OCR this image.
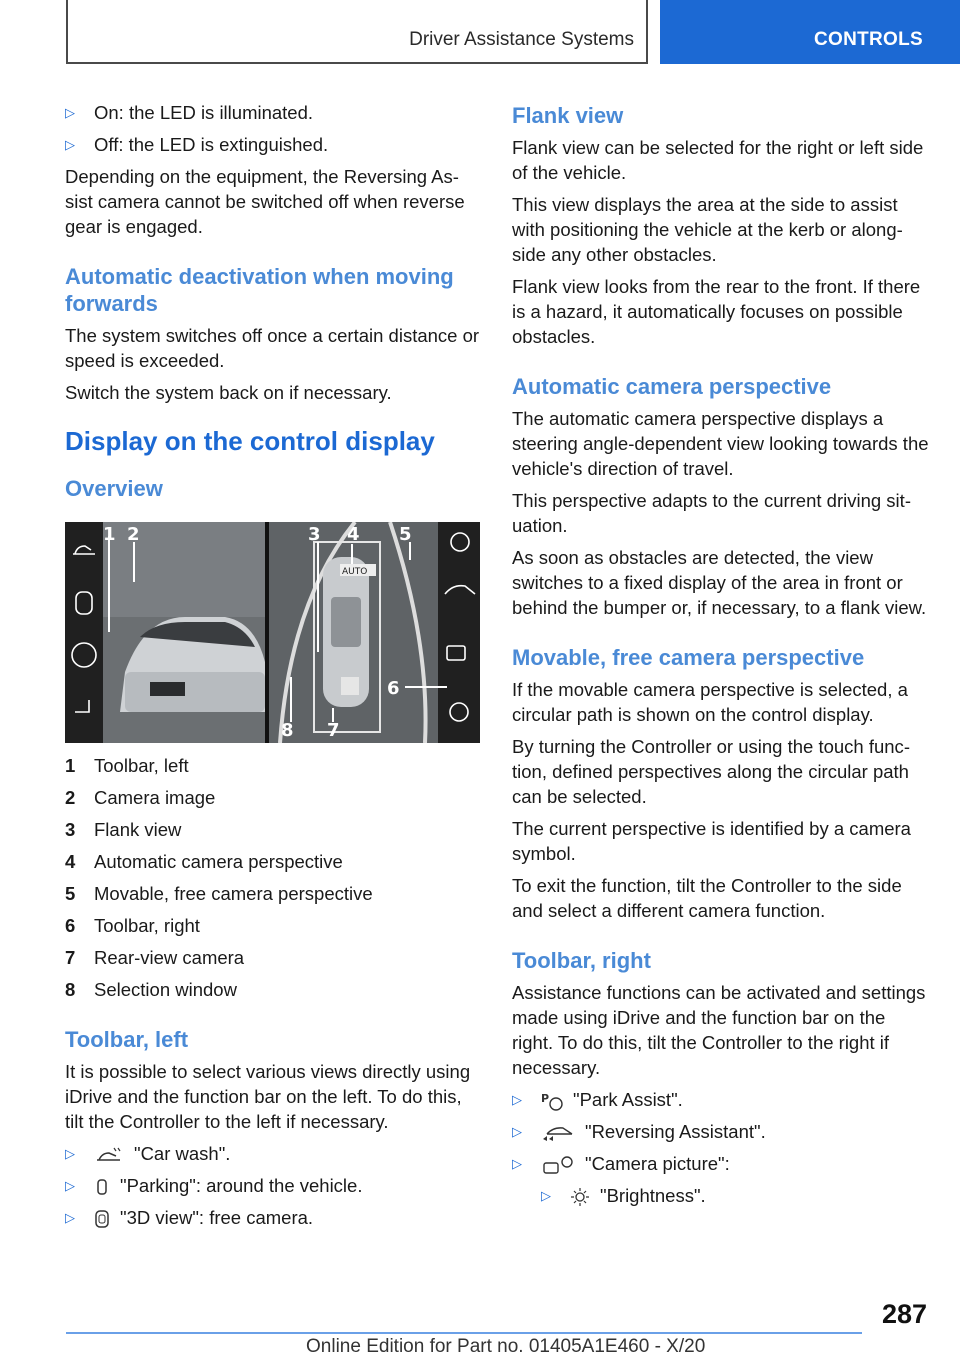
Driver Assistance Systems	CONTROLS
▷ On: the LED is illuminated.
▷ Off: the LED is extinguished.

Depending on the equipment, the Reversing Assist camera cannot be switched off when reverse gear is engaged.

Automatic deactivation when moving forwards

The system switches off once a certain distance or speed is exceeded.

Switch the system back on if necessary.

Display on the control display
Overview
AUTO
1 2	3 4 5
6
7
8
1	Toolbar, left
2	Camera image
3	Flank view
4	Automatic camera perspective
5	Movable, free camera perspective
6	Toolbar, right
7	Rear-view camera
8	Selection window
Toolbar, left

It is possible to select various views directly using iDrive and the function bar on the left. To do this, tilt the Controller to the left if necessary.

▷ "Car wash".
▷ "Parking": around the vehicle.
▷ "3D view": free camera.
Flank view

Flank view can be selected for the right or left side of the vehicle.

This view displays the area at the side to assist with positioning the vehicle at the kerb or alongside any other obstacles.

Flank view looks from the rear to the front. If there is a hazard, it automatically focuses on possible obstacles.

Automatic camera perspective

The automatic camera perspective displays a steering angle-dependent view looking towards the vehicle's direction of travel.

This perspective adapts to the current driving situation.

As soon as obstacles are detected, the view switches to a fixed display of the area in front or behind the bumper or, if necessary, to a flank view.

Movable, free camera perspective

If the movable camera perspective is selected, a circular path is shown on the control display.

By turning the Controller or using the touch function, defined perspectives along the circular path can be selected.

The current perspective is identified by a camera symbol.

To exit the function, tilt the Controller to the side and select a different camera function.

Toolbar, right

Assistance functions can be activated and settings made using iDrive and the function bar on the right. To do this, tilt the Controller to the right if necessary.

▷ P "Park Assist".
▷ "Reversing Assistant".
▷ "Camera picture":
▷ "Brightness".
287
Online Edition for Part no. 01405A1E460 - X/20
